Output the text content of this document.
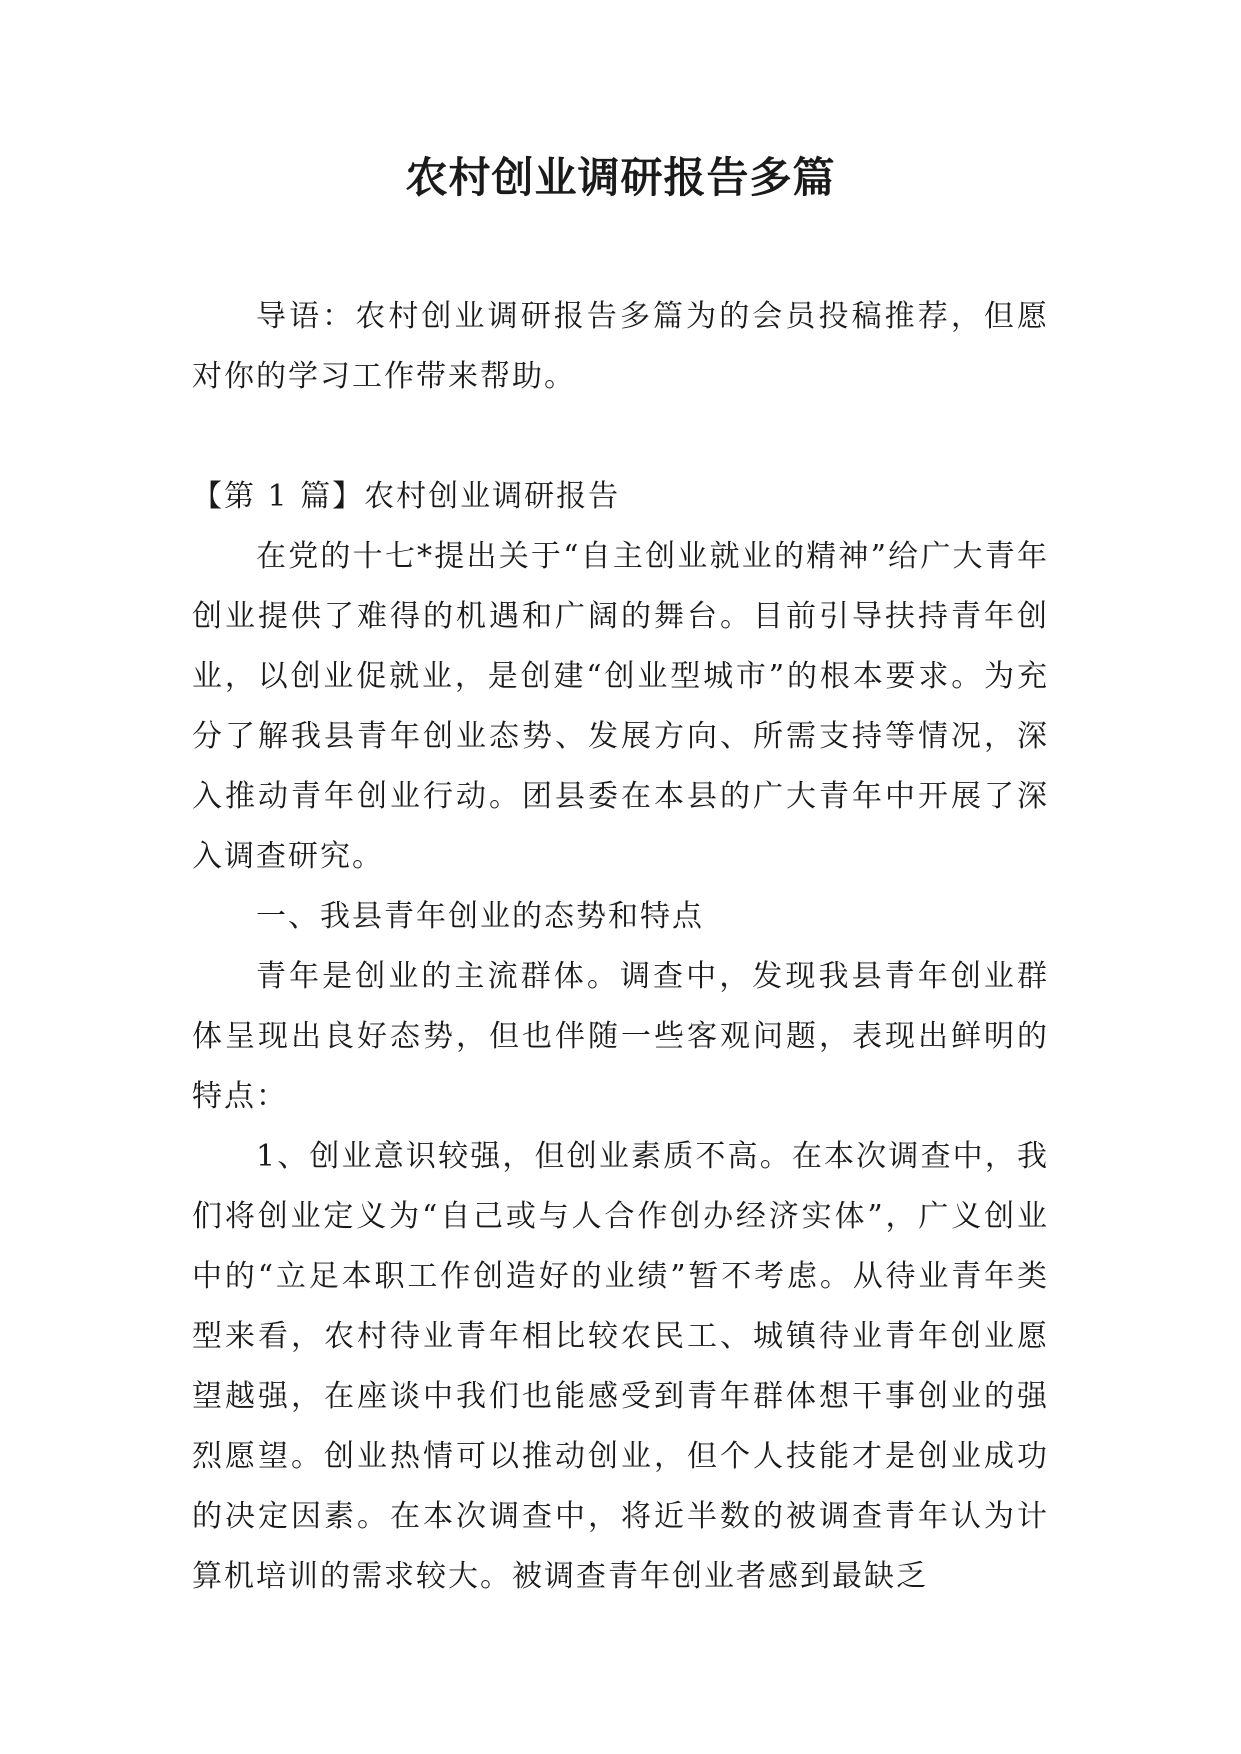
农村创业调研报告多篇

导语：农村创业调研报告多篇为的会员投稿推荐，但愿对你的学习工作带来帮助。

【第 1 篇】农村创业调研报告

在党的十七*提出关于“自主创业就业的精神”给广大青年创业提供了难得的机遇和广阔的舞台。目前引导扶持青年创业，以创业促就业，是创建“创业型城市”的根本要求。为充分了解我县青年创业态势、发展方向、所需支持等情况，深入推动青年创业行动。团县委在本县的广大青年中开展了深入调查研究。

一、我县青年创业的态势和特点

青年是创业的主流群体。调查中，发现我县青年创业群体呈现出良好态势，但也伴随一些客观问题，表现出鲜明的特点：

1、创业意识较强，但创业素质不高。在本次调查中，我们将创业定义为“自己或与人合作创办经济实体”，广义创业中的“立足本职工作创造好的业绩”暂不考虑。从待业青年类型来看，农村待业青年相比较农民工、城镇待业青年创业愿望越强，在座谈中我们也能感受到青年群体想干事创业的强烈愿望。创业热情可以推动创业，但个人技能才是创业成功的决定因素。在本次调查中，将近半数的被调查青年认为计算机培训的需求较大。被调查青年创业者感到最缺乏
